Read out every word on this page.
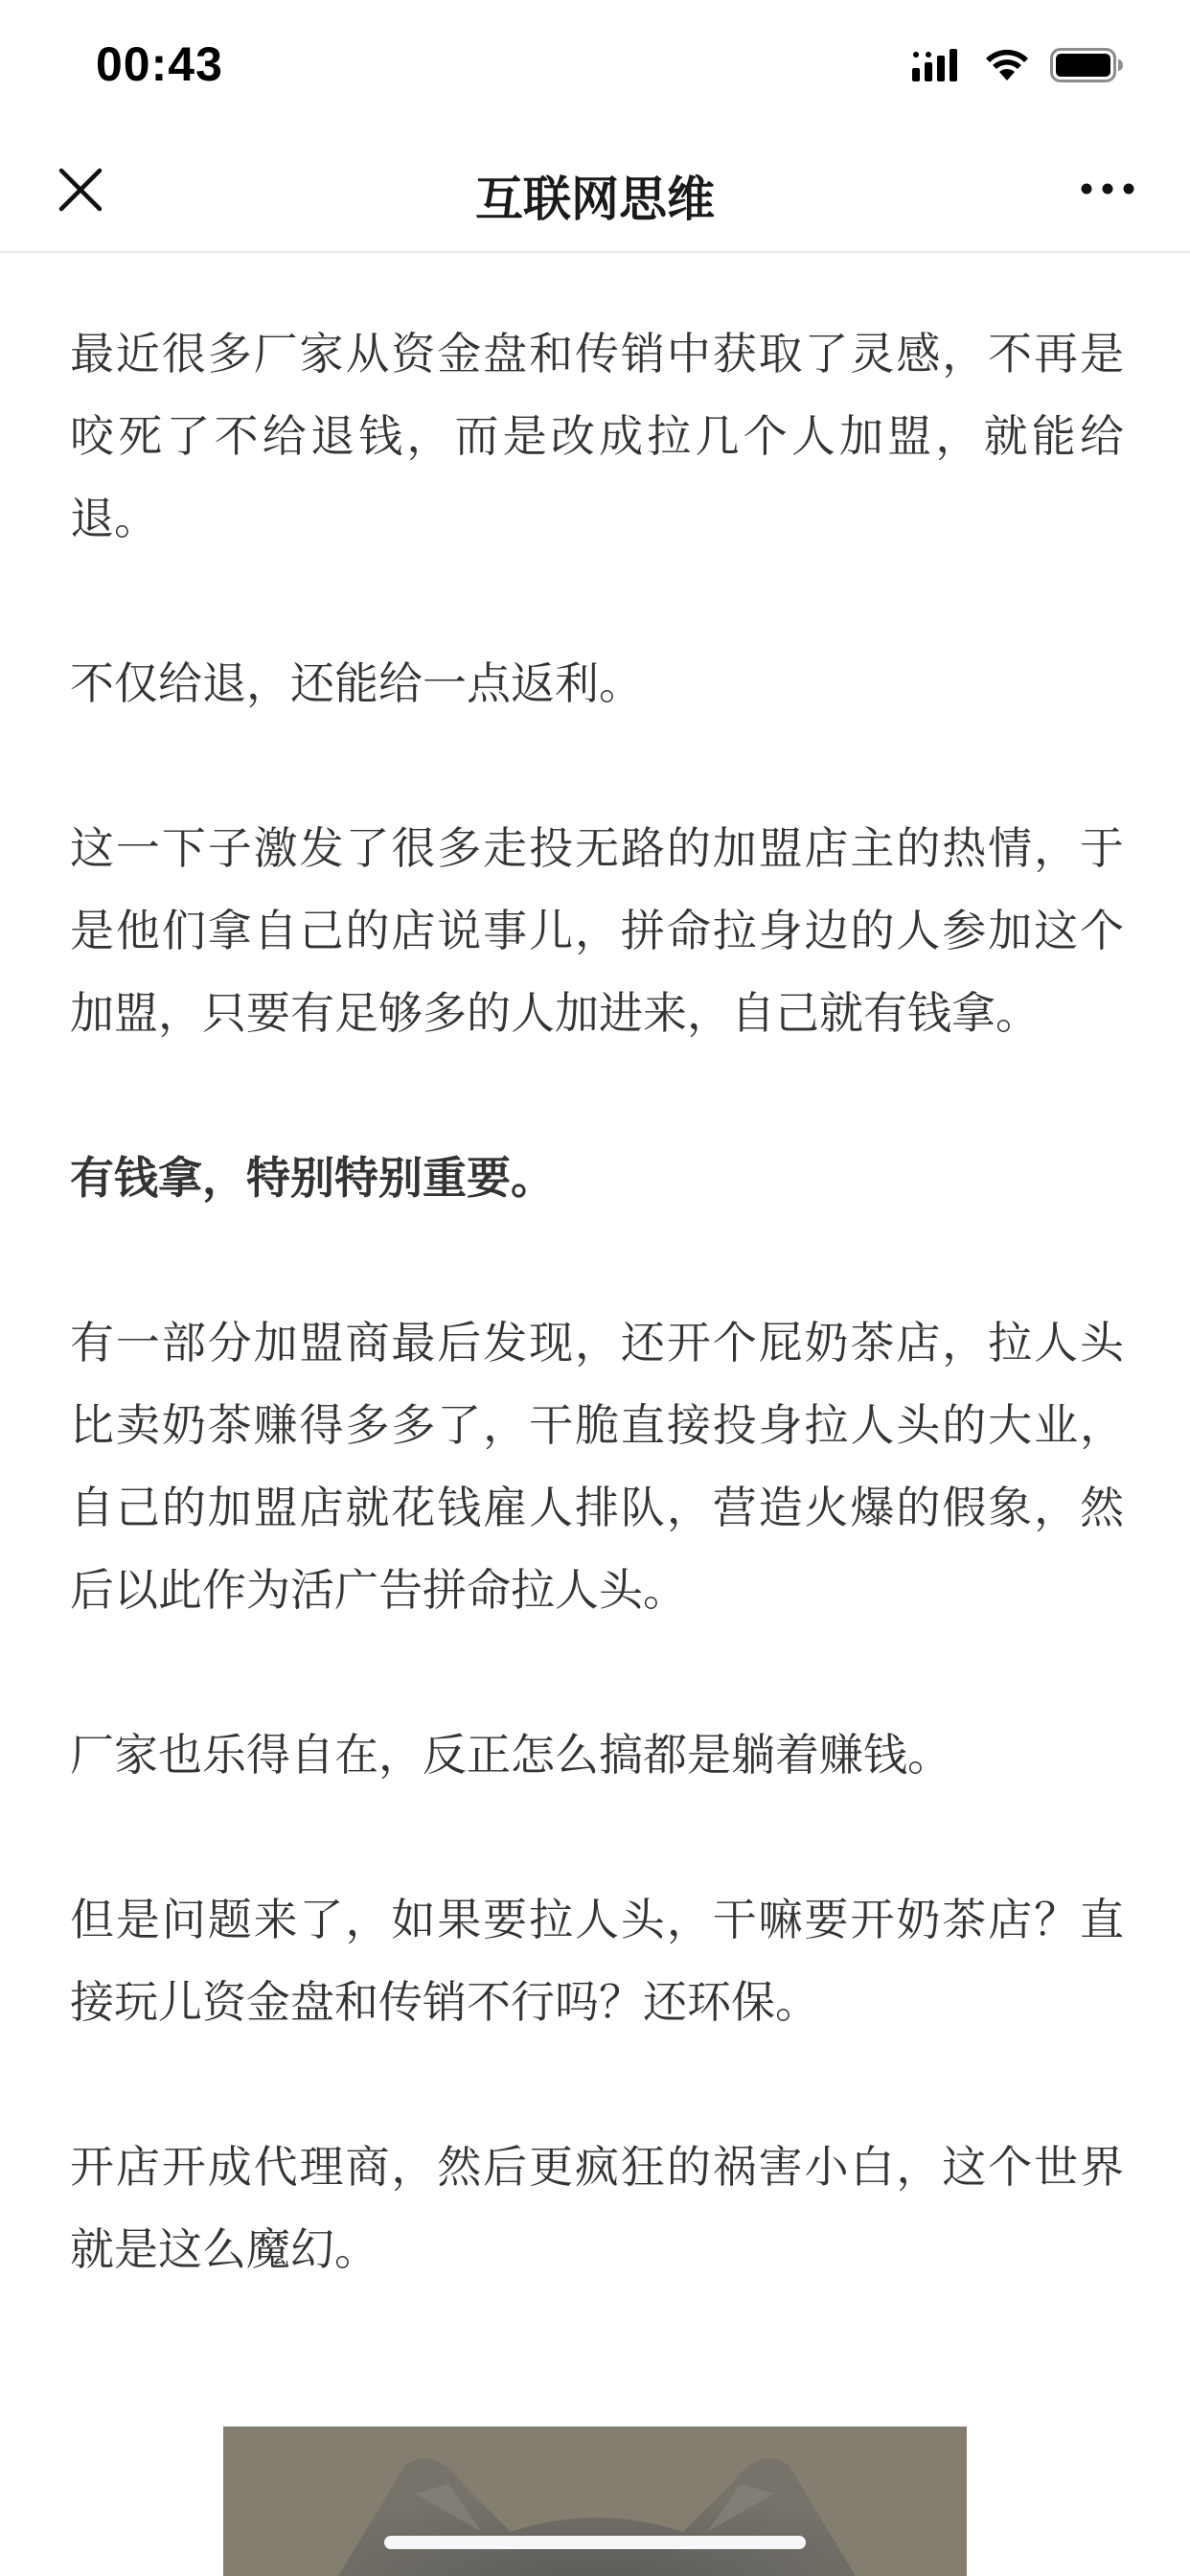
00:43
互联网思维

最近很多厂家从资金盘和传销中获取了灵感，不再是咬死了不给退钱，而是改成拉几个人加盟，就能给退。

不仅给退，还能给一点返利。

这一下子激发了很多走投无路的加盟店主的热情，于是他们拿自己的店说事儿，拼命拉身边的人参加这个加盟，只要有足够多的人加进来，自己就有钱拿。

有钱拿，特别特别重要。

有一部分加盟商最后发现，还开个屁奶茶店，拉人头比卖奶茶赚得多多了，干脆直接投身拉人头的大业，自己的加盟店就花钱雇人排队，营造火爆的假象，然后以此作为活广告拼命拉人头。

厂家也乐得自在，反正怎么搞都是躺着赚钱。

但是问题来了，如果要拉人头，干嘛要开奶茶店？直接玩儿资金盘和传销不行吗？还环保。

开店开成代理商，然后更疯狂的祸害小白，这个世界就是这么魔幻。
